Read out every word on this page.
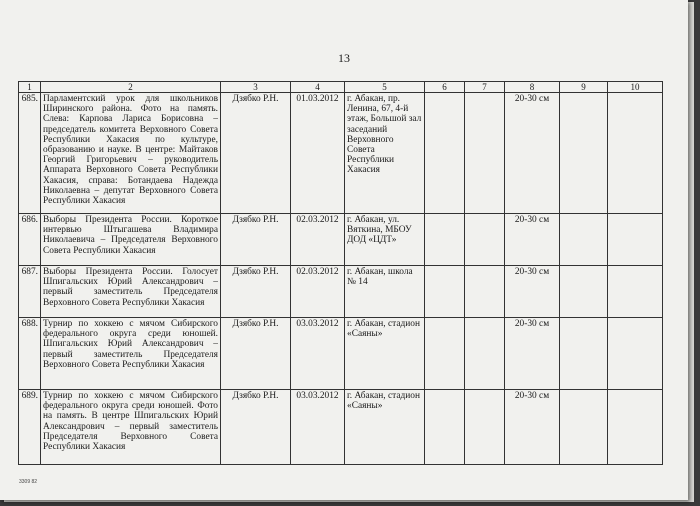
13
1	2	3	4	5	6	7	8	9	10
685.	Парламентский урок для школьников Ширинского района. Фото на память. Слева: Карпова Лариса Борисовна – председатель комитета Верховного Совета Республики Хакасия по культуре, образованию и науке. В центре: Майтаков Георгий Григорьевич – руководитель Аппарата Верховного Совета Республики Хакасия, справа: Ботандаева Надежда Николаевна – депутат Верховного Совета Республики Хакасия	Дзябко Р.Н.	01.03.2012	г. Абакан, пр. Ленина, 67, 4-й этаж, Большой зал заседаний Верховного Совета Республики Хакасия			20-30 см		
686.	Выборы Президента России. Короткое интервью Штыгашева Владимира Николаевича – Председателя Верховного Совета Республики Хакасия	Дзябко Р.Н.	02.03.2012	г. Абакан, ул. Вяткина, МБОУ ДОД «ЦДТ»			20-30 см		
687.	Выборы Президента России. Голосует Шпигальских Юрий Александрович – первый заместитель Председателя Верховного Совета Республики Хакасия	Дзябко Р.Н.	02.03.2012	г. Абакан, школа № 14			20-30 см		
688.	Турнир по хоккею с мячом Сибирского федерального округа среди юношей. Шпигальских Юрий Александрович – первый заместитель Председателя Верховного Совета Республики Хакасия	Дзябко Р.Н.	03.03.2012	г. Абакан, стадион «Саяны»			20-30 см		
689.	Турнир по хоккею с мячом Сибирского федерального округа среди юношей. Фото на память. В центре Шпигальских Юрий Александрович – первый заместитель Председателя Верховного Совета Республики Хакасия	Дзябко Р.Н.	03.03.2012	г. Абакан, стадион «Саяны»			20-30 см		
3309 82
